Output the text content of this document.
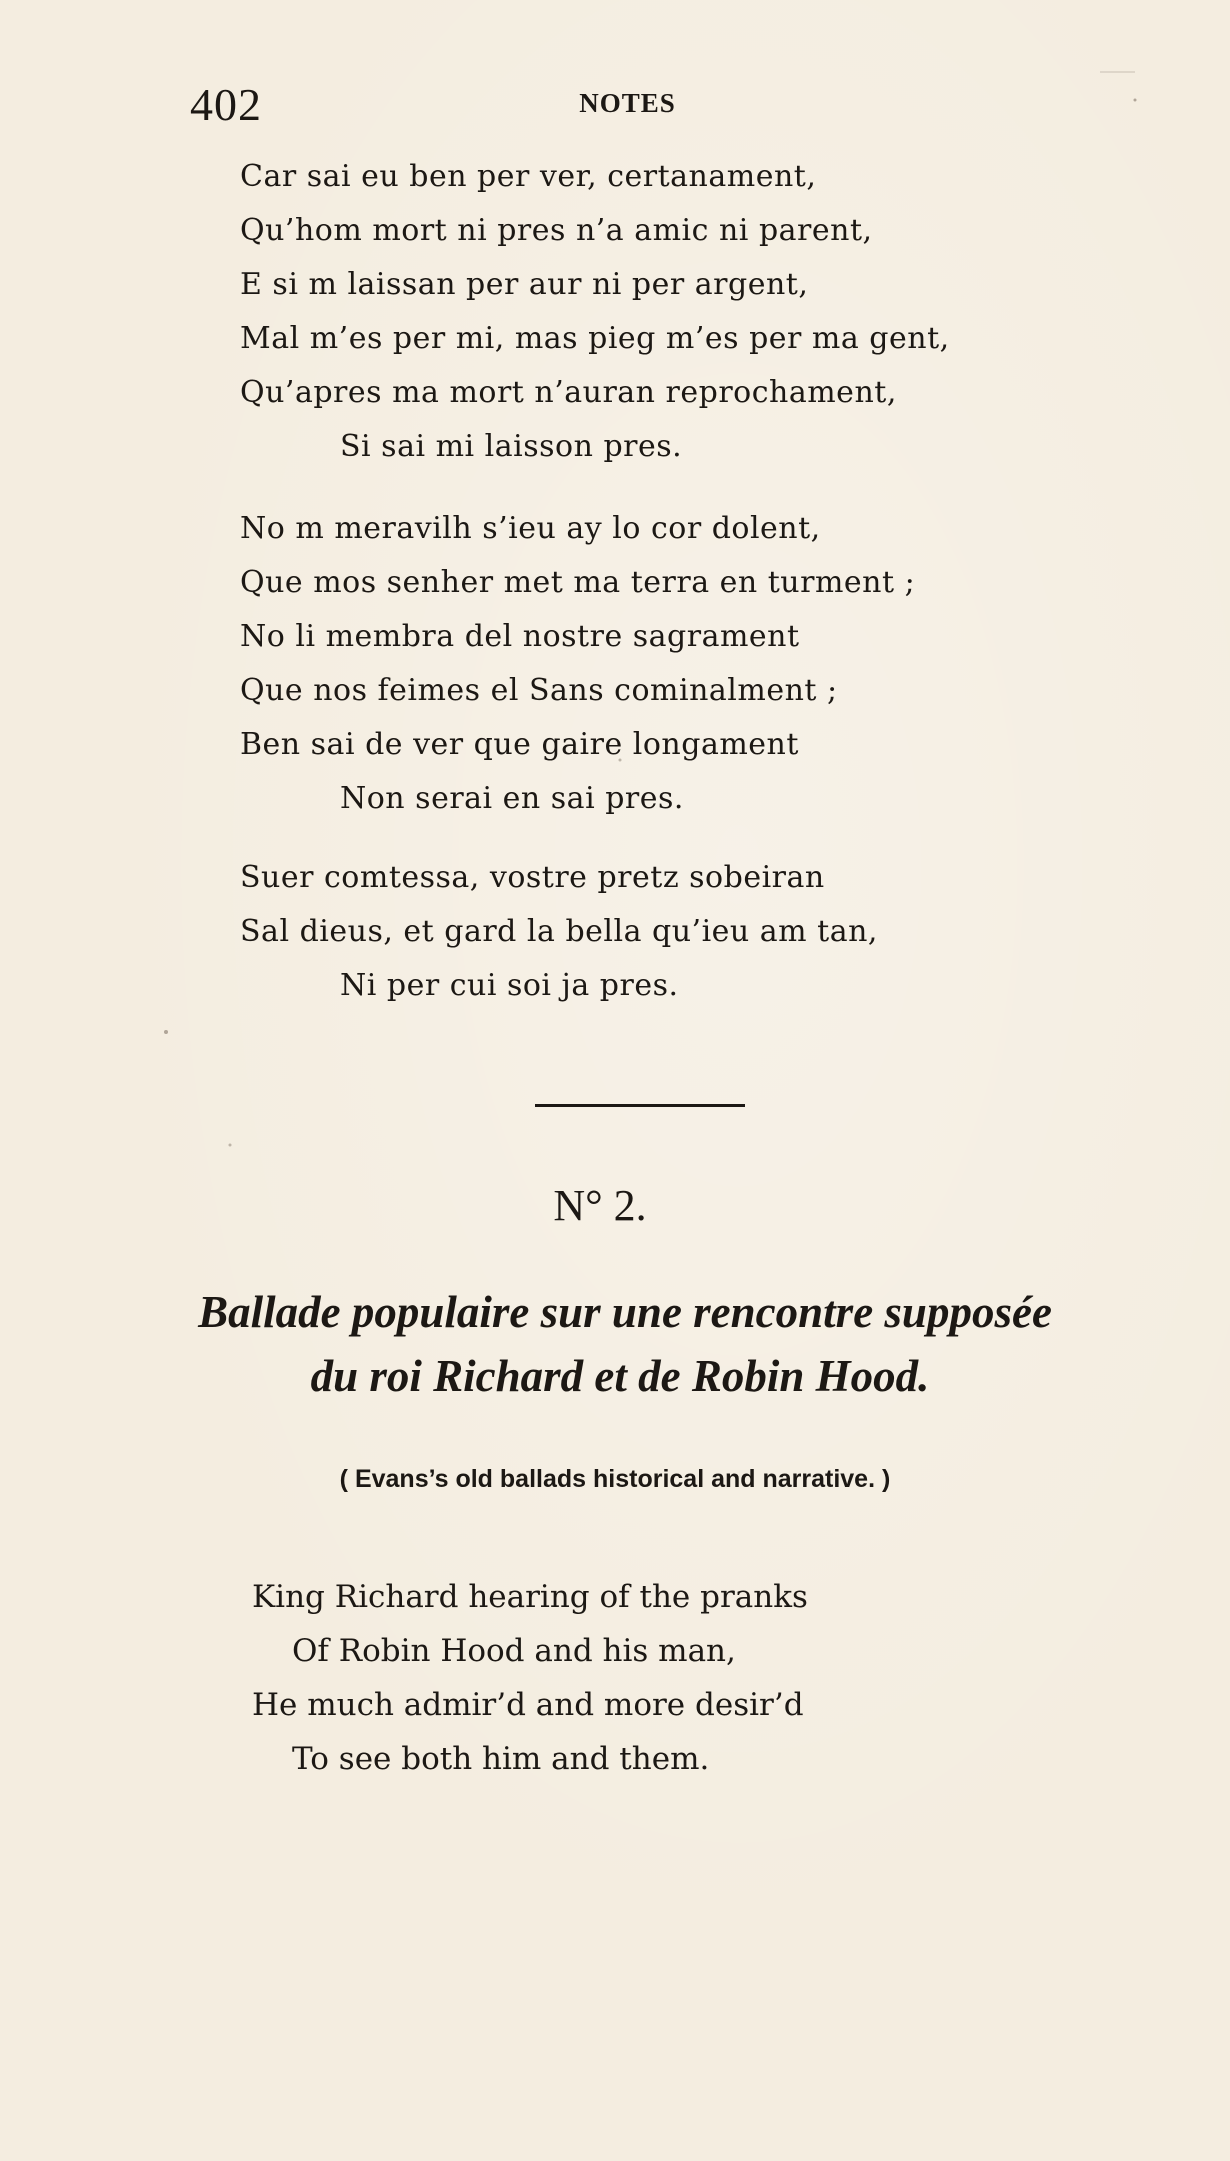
402	NOTES
Car sai eu ben per ver, certanament,
Qu’hom mort ni pres n’a amic ni parent,
E si m laissan per aur ni per argent,
Mal m’es per mi, mas pieg m’es per ma gent,
Qu’apres ma mort n’auran reprochament,
Si sai mi laisson pres.
No m meravilh s’ieu ay lo cor dolent,
Que mos senher met ma terra en turment ;
No li membra del nostre sagrament
Que nos feimes el Sans cominalment ;
Ben sai de ver que gaire longament
Non serai en sai pres.
Suer comtessa, vostre pretz sobeiran
Sal dieus, et gard la bella qu’ieu am tan,
Ni per cui soi ja pres.
N° 2.
Ballade populaire sur une rencontre supposée
du roi Richard et de Robin Hood.
( Evans’s old ballads historical and narrative. )
King Richard hearing of the pranks
Of Robin Hood and his man,
He much admir’d and more desir’d
To see both him and them.
